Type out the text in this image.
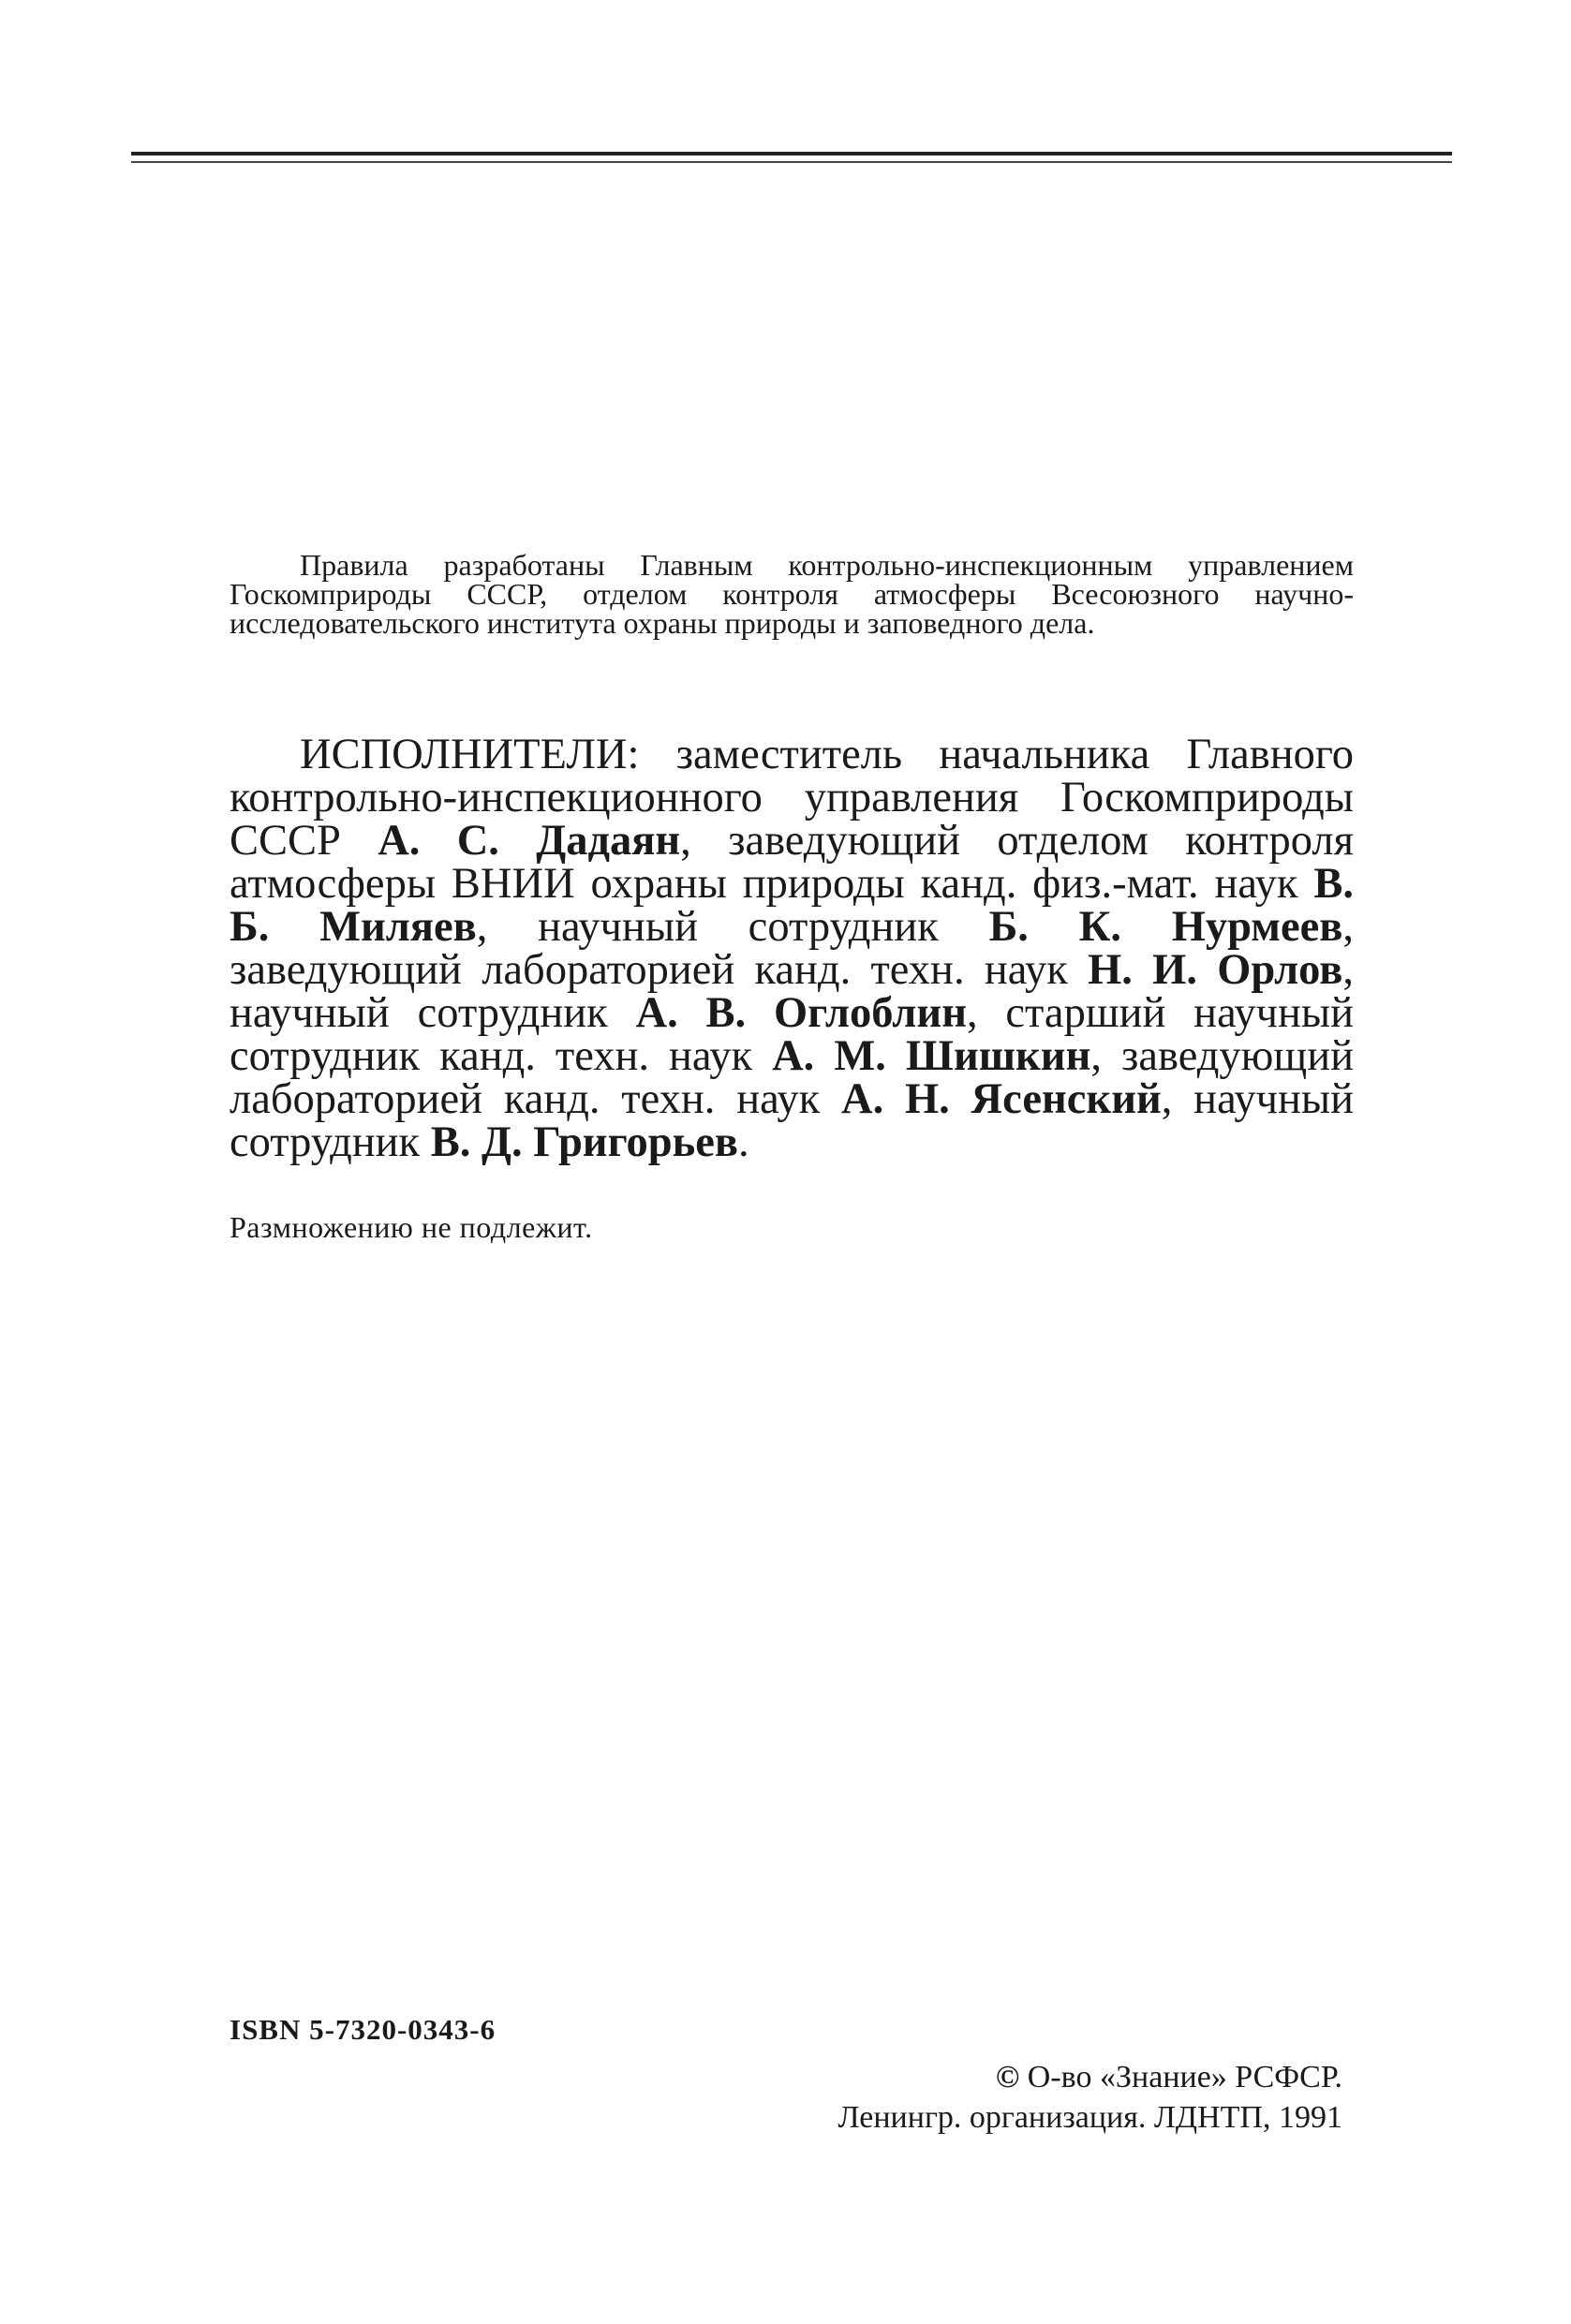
Правила разработаны Главным контрольно-инспекционным управлением Госкомприроды СССР, отделом контроля атмосферы Всесоюзного научно-исследовательского института охраны природы и заповедного дела.

ИСПОЛНИТЕЛИ: заместитель начальника Главного контрольно-инспекционного управления Госкомприроды СССР А. С. Дадаян, заведующий отделом контроля атмосферы ВНИИ охраны природы канд. физ.-мат. наук В. Б. Миляев, научный сотрудник Б. К. Нурмеев, заведующий лабораторией канд. техн. наук Н. И. Орлов, научный сотрудник А. В. Оглоблин, старший научный сотрудник канд. техн. наук А. М. Шишкин, заведующий лабораторией канд. техн. наук А. Н. Ясенский, научный сотрудник В. Д. Григорьев.

Размножению не подлежит.
ISBN 5-7320-0343-6
© О-во «Знание» РСФСР.
Ленингр. организация. ЛДНТП, 1991
